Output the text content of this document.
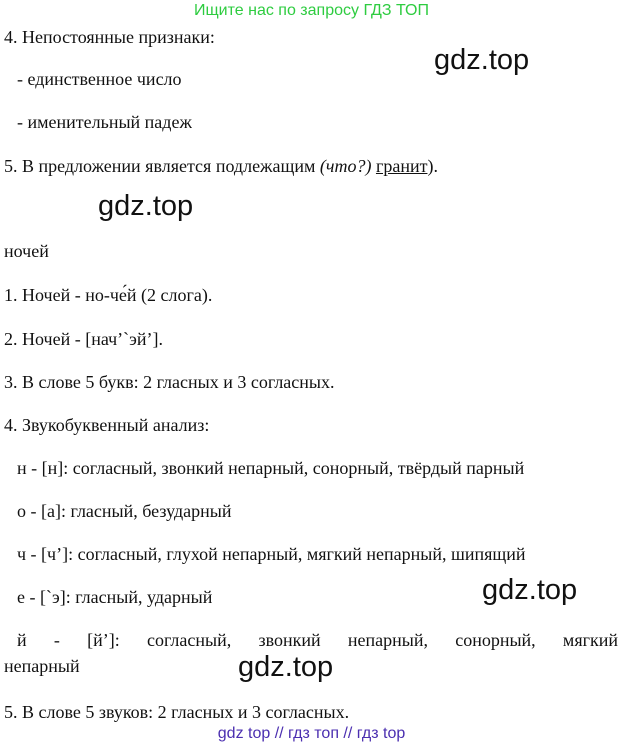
Ищите нас по запросу ГДЗ ТОП
4. Непостоянные признаки:
gdz.top
- единственное число
- именительный падеж
5. В предложении является подлежащим (что?) гранит).
gdz.top
ночей
1. Ночей - но-че́й (2 слога).
2. Ночей - [нач’`эй’].
3. В слове 5 букв: 2 гласных и 3 согласных.
4. Звукобуквенный анализ:
н - [н]: согласный, звонкий непарный, сонорный, твёрдый парный
о - [а]: гласный, безударный
ч - [ч’]: согласный, глухой непарный, мягкий непарный, шипящий
е - [`э]: гласный, ударный	gdz.top
й - [й’]: согласный, звонкий непарный, сонорный, мягкий
непарный	gdz.top
5. В слове 5 звуков: 2 гласных и 3 согласных.
gdz top // гдз топ // гдз top
